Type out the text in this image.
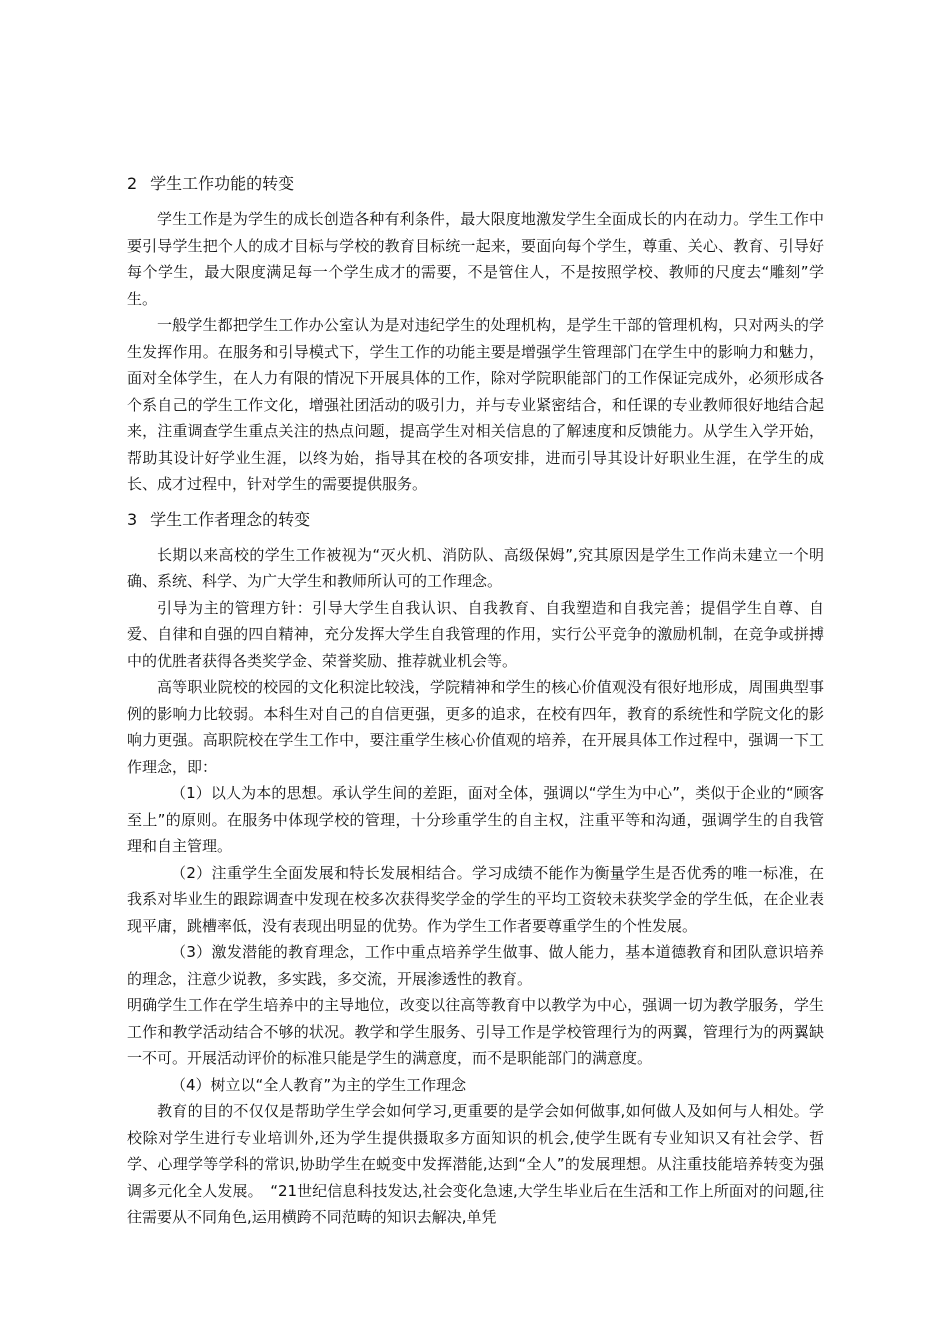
2 学生工作功能的转变

学生工作是为学生的成长创造各种有利条件，最大限度地激发学生全面成长的内在动力。学生工作中要引导学生把个人的成才目标与学校的教育目标统一起来，要面向每个学生，尊重、关心、教育、引导好每个学生，最大限度满足每一个学生成才的需要，不是管住人，不是按照学校、教师的尺度去“雕刻”学生。

一般学生都把学生工作办公室认为是对违纪学生的处理机构，是学生干部的管理机构，只对两头的学生发挥作用。在服务和引导模式下，学生工作的功能主要是增强学生管理部门在学生中的影响力和魅力，面对全体学生，在人力有限的情况下开展具体的工作，除对学院职能部门的工作保证完成外，必须形成各个系自己的学生工作文化，增强社团活动的吸引力，并与专业紧密结合，和任课的专业教师很好地结合起来，注重调查学生重点关注的热点问题，提高学生对相关信息的了解速度和反馈能力。从学生入学开始，帮助其设计好学业生涯，以终为始，指导其在校的各项安排，进而引导其设计好职业生涯，在学生的成长、成才过程中，针对学生的需要提供服务。

3 学生工作者理念的转变

长期以来高校的学生工作被视为“灭火机、消防队、高级保姆”,究其原因是学生工作尚未建立一个明确、系统、科学、为广大学生和教师所认可的工作理念。

引导为主的管理方针：引导大学生自我认识、自我教育、自我塑造和自我完善；提倡学生自尊、自爱、自律和自强的四自精神，充分发挥大学生自我管理的作用，实行公平竞争的激励机制，在竞争或拼搏中的优胜者获得各类奖学金、荣誉奖励、推荐就业机会等。

高等职业院校的校园的文化积淀比较浅，学院精神和学生的核心价值观没有很好地形成，周围典型事例的影响力比较弱。本科生对自己的自信更强，更多的追求，在校有四年，教育的系统性和学院文化的影响力更强。高职院校在学生工作中，要注重学生核心价值观的培养，在开展具体工作过程中，强调一下工作理念，即：

（1）以人为本的思想。承认学生间的差距，面对全体，强调以“学生为中心”，类似于企业的“顾客至上”的原则。在服务中体现学校的管理，十分珍重学生的自主权，注重平等和沟通，强调学生的自我管理和自主管理。

（2）注重学生全面发展和特长发展相结合。学习成绩不能作为衡量学生是否优秀的唯一标准，在我系对毕业生的跟踪调查中发现在校多次获得奖学金的学生的平均工资较未获奖学金的学生低，在企业表现平庸，跳槽率低，没有表现出明显的优势。作为学生工作者要尊重学生的个性发展。

（3）激发潜能的教育理念，工作中重点培养学生做事、做人能力，基本道德教育和团队意识培养的理念，注意少说教，多实践，多交流，开展渗透性的教育。

明确学生工作在学生培养中的主导地位，改变以往高等教育中以教学为中心，强调一切为教学服务，学生工作和教学活动结合不够的状况。教学和学生服务、引导工作是学校管理行为的两翼，管理行为的两翼缺一不可。开展活动评价的标准只能是学生的满意度，而不是职能部门的满意度。

（4）树立以“全人教育”为主的学生工作理念

教育的目的不仅仅是帮助学生学会如何学习,更重要的是学会如何做事,如何做人及如何与人相处。学校除对学生进行专业培训外,还为学生提供摄取多方面知识的机会,使学生既有专业知识又有社会学、哲学、心理学等学科的常识,协助学生在蜕变中发挥潜能,达到“全人”的发展理想。从注重技能培养转变为强调多元化全人发展。　“21世纪信息科技发达,社会变化急速,大学生毕业后在生活和工作上所面对的问题,往往需要从不同角色,运用横跨不同范畴的知识去解决,单凭
